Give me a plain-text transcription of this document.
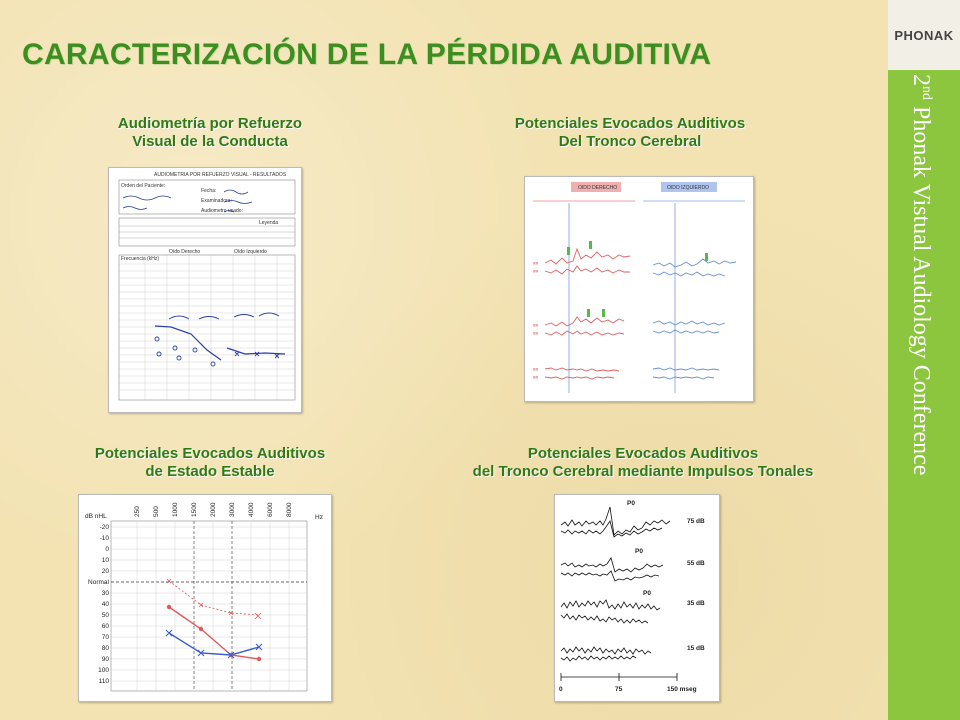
PHONAK
2nd Phonak Vistual Audiology Conference
CARACTERIZACIÓN DE LA PÉRDIDA AUDITIVA
Audiometría por Refuerzo
Visual de la Conducta
AUDIOMETRIA POR REFUERZO VISUAL - RESULTADOS
Orden del Paciente:
Fecha:
Examinadora:
Audiometro usado:
Leyenda
Oído Derecho	Oído Izquierdo
Frecuencia (kHz)
Potenciales Evocados Auditivos
Del Tronco Cerebral
OIDO DERECHO	OIDO IZQUIERDO
##
##
##
##
##
##
Potenciales Evocados Auditivos
de Estado Estable
dB nHL	Hz
-20
-10
0
10
20
Normal
30
40
50
60
70
80
90
100
110
250 500 1000 1500 2000 3000 4000 6000 8000
Potenciales Evocados Auditivos
del Tronco Cerebral mediante Impulsos Tonales
P0
P0
P0
75 dB
55 dB
35 dB
15 dB
0	75	150 mseg
